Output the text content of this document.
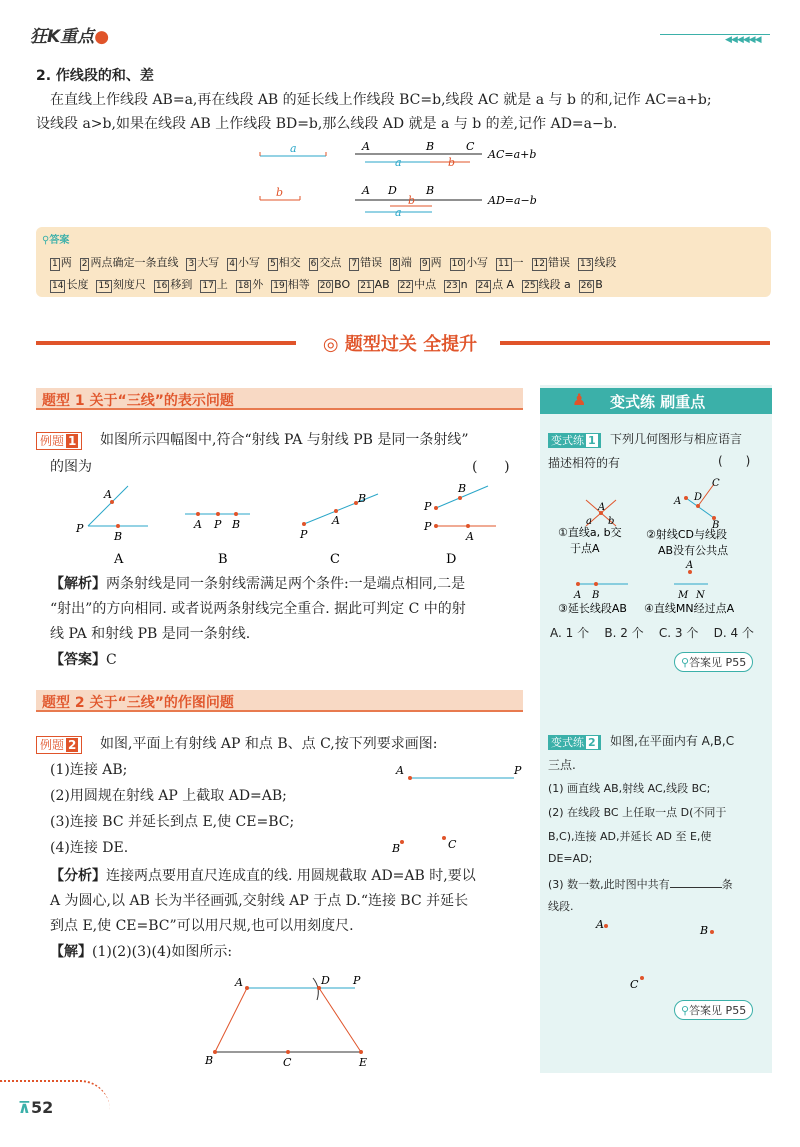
狂K重点●	◀◀◀◀◀◀
2. 作线段的和、差
在直线上作线段 AB=a,再在线段 AB 的延长线上作线段 BC=b,线段 AC 就是 a 与 b 的和,记作 AC=a+b;
设线段 a>b,如果在线段 AB 上作线段 BD=b,那么线段 AD 就是 a 与 b 的差,记作 AD=a−b.
a
b
A	B	C
a	b
AC=a+b
A D	B
a
b	AD=a−b
⚲答案
1 两 2 两点确定一条直线 3 大写 4 小写 5 相交 6 交点 7 错误 8 端 9 两 10 小写 11 一 12 错误 13 线段
14 长度 15 刻度尺 16 移到 17 上 18 外 19 相等 20 BO 21 AB 22 中点 23 n 24 点 A 25 线段 a 26 B
◎ 题型过关 全提升
题型 1 关于“三线”的表示问题
例题 1	如图所示四幅图中,符合“射线 PA 与射线 PB 是同一条射线”
的图为	(      )
P
A
B
A
A P B
B
P
A
B
C
P
B
P
A
D
【解析】两条射线是同一条射线需满足两个条件:一是端点相同,二是
“射出”的方向相同. 或者说两条射线完全重合. 据此可判定 C 中的射
线 PA 和射线 PB 是同一条射线.
【答案】C
题型 2 关于“三线”的作图问题
例题 2	如图,平面上有射线 AP 和点 B、点 C,按下列要求画图:
(1)连接 AB;
(2)用圆规在射线 AP 上截取 AD=AB;
(3)连接 BC 并延长到点 E,使 CE=BC;
(4)连接 DE.
A	P
B	C
【分析】连接两点要用直尺连成直的线. 用圆规截取 AD=AB 时,要以
A 为圆心,以 AB 长为半径画弧,交射线 AP 于点 D.“连接 BC 并延长
到点 E,使 CE=BC”可以用尺规,也可以用刻度尺.
【解】(1)(2)(3)(4)如图所示:
A	D P
B	C	E
♟ 变式练 刷重点
变式练 1	下列几何图形与相应语言
描述相符的有	(      )
a b
A
①直线a, b交
于点A
A D
C
B
②射线CD与线段
AB没有公共点
A B
③延长线段AB
A
M N
④直线MN经过点A
A. 1 个    B. 2 个    C. 3 个    D. 4 个
⚲答案见 P55
变式练 2	如图,在平面内有 A,B,C
三点.
(1) 画直线 AB,射线 AC,线段 BC;
(2) 在线段 BC 上任取一点 D(不同于
B,C),连接 AD,并延长 AD 至 E,使
DE=AD;
(3) 数一数,此时图中共有	条
线段.
A	B
C
⚲答案见 P55
⊼52
